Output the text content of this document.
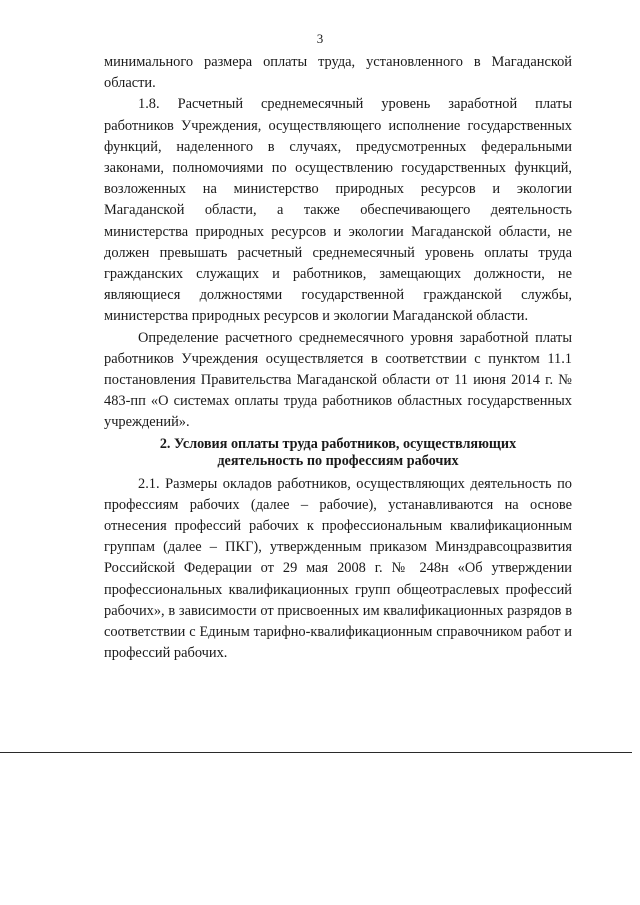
3

минимального размера оплаты труда, установленного в Магаданской области.

1.8. Расчетный среднемесячный уровень заработной платы работников Учреждения, осуществляющего исполнение государственных функций, наделенного в случаях, предусмотренных федеральными законами, полномочиями по осуществлению государственных функций, возложенных на министерство природных ресурсов и экологии Магаданской области, а также обеспечивающего деятельность министерства природных ресурсов и экологии Магаданской области, не должен превышать расчетный среднемесячный уровень оплаты труда гражданских служащих и работников, замещающих должности, не являющиеся должностями государственной гражданской службы, министерства природных ресурсов и экологии Магаданской области.

Определение расчетного среднемесячного уровня заработной платы работников Учреждения осуществляется в соответствии с пунктом 11.1 постановления Правительства Магаданской области от 11 июня 2014 г. № 483-пп «О системах оплаты труда работников областных государственных учреждений».

2. Условия оплаты труда работников, осуществляющих
деятельность по профессиям рабочих

2.1. Размеры окладов работников, осуществляющих деятельность по профессиям рабочих (далее – рабочие), устанавливаются на основе отнесения профессий рабочих к профессиональным квалификационным группам (далее – ПКГ), утвержденным приказом Минздравсоцразвития Российской Федерации от 29 мая 2008 г. № 248н «Об утверждении профессиональных квалификационных групп общеотраслевых профессий рабочих», в зависимости от присвоенных им квалификационных разрядов в соответствии с Единым тарифно-квалификационным справочником работ и профессий рабочих.
